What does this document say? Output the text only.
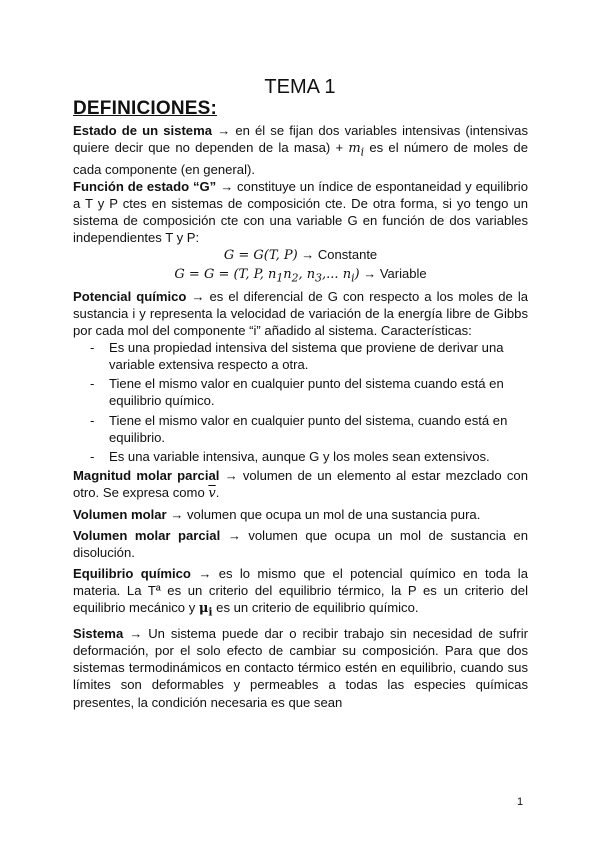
TEMA 1
DEFINICIONES:

Estado de un sistema → en él se fijan dos variables intensivas (intensivas quiere decir que no dependen de la masa) + $m_i$ es el número de moles de cada componente (en general).

Función de estado “G” → constituye un índice de espontaneidad y equilibrio a T y P ctes en sistemas de composición cte. De otra forma, si yo tengo un sistema de composición cte con una variable G en función de dos variables independientes T y P:

G = G(T, P) → Constante
G = G = (T, P, $n_1n_2$, $n_3$,... $n_i$) → Variable

Potencial químico → es el diferencial de G con respecto a los moles de la sustancia i y representa la velocidad de variación de la energía libre de Gibbs por cada mol del componente “i” añadido al sistema. Características:

- Es una propiedad intensiva del sistema que proviene de derivar una variable extensiva respecto a otra.
- Tiene el mismo valor en cualquier punto del sistema cuando está en equilibrio químico.
- Tiene el mismo valor en cualquier punto del sistema, cuando está en equilibrio.
- Es una variable intensiva, aunque G y los moles sean extensivos.

Magnitud molar parcial → volumen de un elemento al estar mezclado con otro. Se expresa como $\overline{v}$.

Volumen molar → volumen que ocupa un mol de una sustancia pura.

Volumen molar parcial → volumen que ocupa un mol de sustancia en disolución.

Equilibrio químico → es lo mismo que el potencial químico en toda la materia. La Tª es un criterio del equilibrio térmico, la P es un criterio del equilibrio mecánico y $\mu_i$ es un criterio de equilibrio químico.

Sistema → Un sistema puede dar o recibir trabajo sin necesidad de sufrir deformación, por el solo efecto de cambiar su composición. Para que dos sistemas termodinámicos en contacto térmico estén en equilibrio, cuando sus límites son deformables y permeables a todas las especies químicas presentes, la condición necesaria es que sean

1
